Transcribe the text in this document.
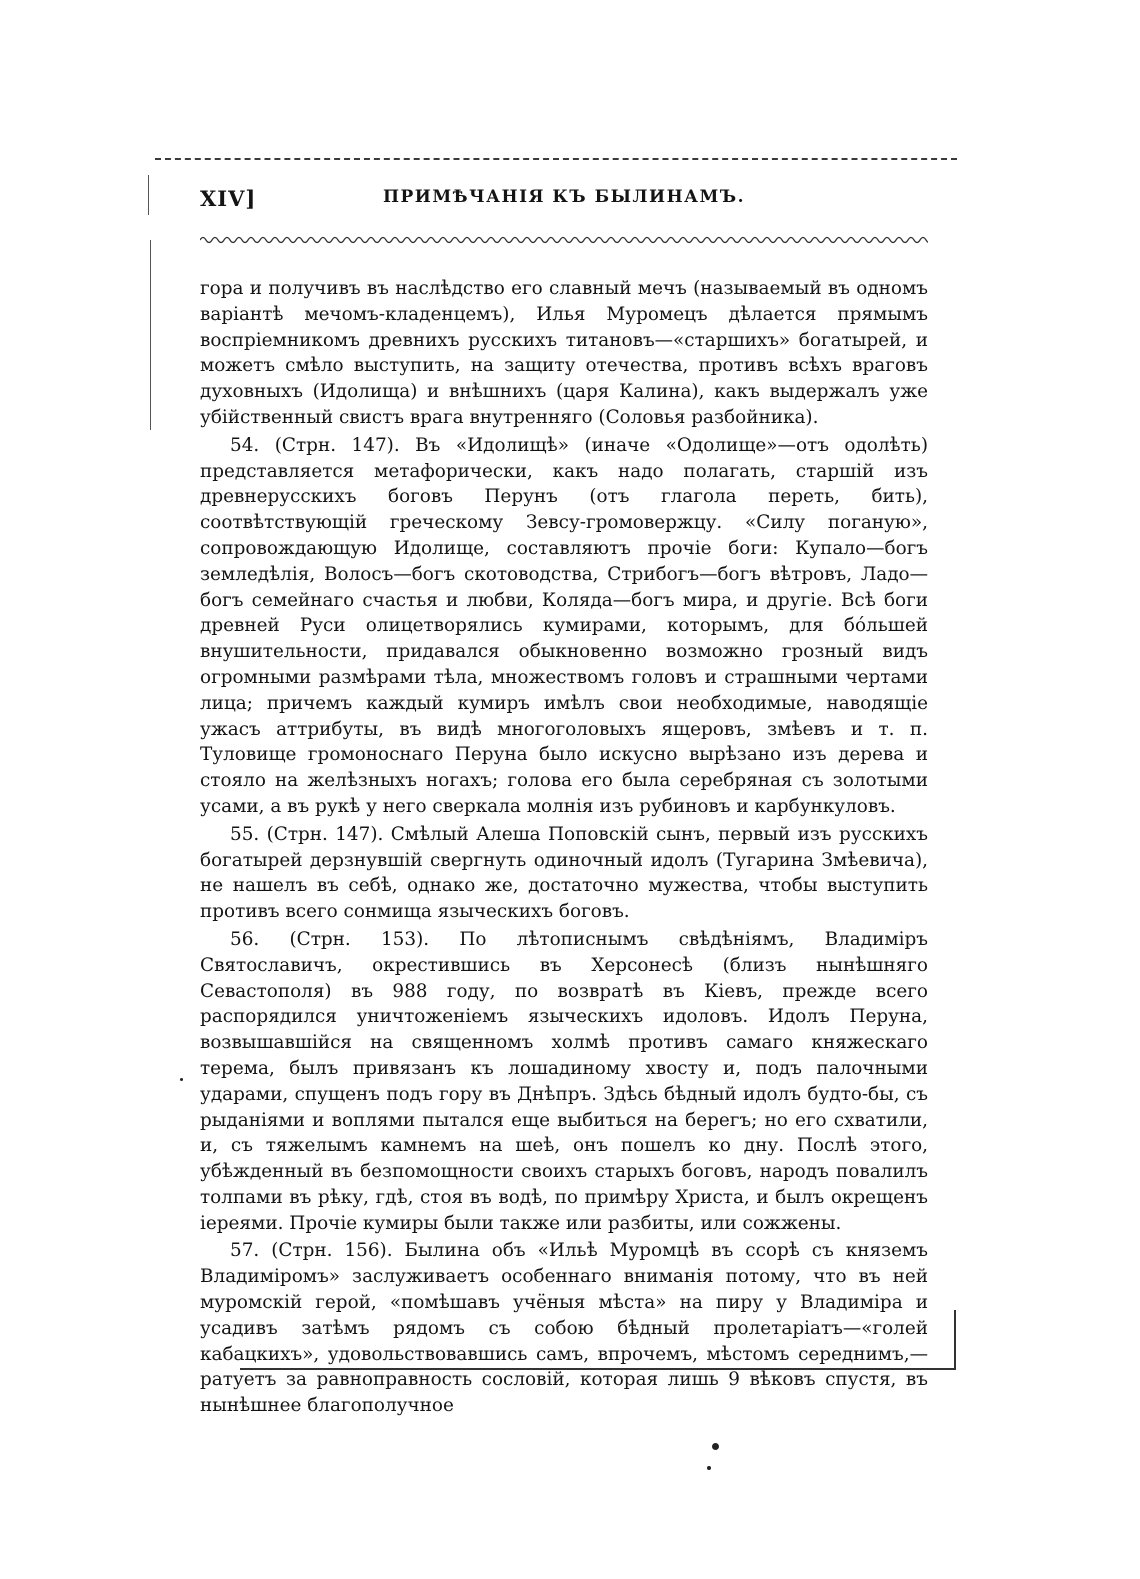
XIV]	ПРИМѢЧАНІЯ КЪ БЫЛИНАМЪ.

гора и получивъ въ наслѣдство его славный мечъ (называемый въ одномъ варіантѣ мечомъ-кладенцемъ), Илья Муромецъ дѣлается прямымъ воспріемникомъ древнихъ русскихъ титановъ—«старшихъ» богатырей, и можетъ смѣло выступить, на защиту отечества, противъ всѣхъ враговъ духовныхъ (Идолища) и внѣшнихъ (царя Калина), какъ выдержалъ уже убійственный свистъ врага внутренняго (Соловья разбойника).

54. (Стрн. 147). Въ «Идолищѣ» (иначе «Одолище»—отъ одолѣть) представляется метафорически, какъ надо полагать, старшій изъ древнерусскихъ боговъ Перунъ (отъ глагола переть, бить), соотвѣтствующій греческому Зевсу-громовержцу. «Силу поганую», сопровождающую Идолище, составляютъ прочіе боги: Купало—богъ земледѣлія, Волосъ—богъ скотоводства, Стрибогъ—богъ вѣтровъ, Ладо—богъ семейнаго счастья и любви, Коляда—богъ мира, и другіе. Всѣ боги древней Руси олицетворялись кумирами, которымъ, для бóльшей внушительности, придавался обыкновенно возможно грозный видъ огромными размѣрами тѣла, множествомъ головъ и страшными чертами лица; причемъ каждый кумиръ имѣлъ свои необходимые, наводящіе ужасъ аттрибуты, въ видѣ многоголовыхъ ящеровъ, змѣевъ и т. п. Туловище громоноснаго Перуна было искусно вырѣзано изъ дерева и стояло на желѣзныхъ ногахъ; голова его была серебряная съ золотыми усами, а въ рукѣ у него сверкала молнія изъ рубиновъ и карбункуловъ.

55. (Стрн. 147). Смѣлый Алеша Поповскій сынъ, первый изъ русскихъ богатырей дерзнувшій свергнуть одиночный идолъ (Тугарина Змѣевича), не нашелъ въ себѣ, однако же, достаточно мужества, чтобы выступить противъ всего сонмища языческихъ боговъ.

56. (Стрн. 153). По лѣтописнымъ свѣдѣніямъ, Владиміръ Святославичъ, окрестившись въ Херсонесѣ (близъ нынѣшняго Севастополя) въ 988 году, по возвратѣ въ Кіевъ, прежде всего распорядился уничтоженіемъ языческихъ идоловъ. Идолъ Перуна, возвышавшійся на священномъ холмѣ противъ самаго княжескаго терема, былъ привязанъ къ лошадиному хвосту и, подъ палочными ударами, спущенъ подъ гору въ Днѣпръ. Здѣсь бѣдный идолъ будто-бы, съ рыданіями и воплями пытался еще выбиться на берегъ; но его схватили, и, съ тяжелымъ камнемъ на шеѣ, онъ пошелъ ко дну. Послѣ этого, убѣжденный въ безпомощности своихъ старыхъ боговъ, народъ повалилъ толпами въ рѣку, гдѣ, стоя въ водѣ, по примѣру Христа, и былъ окрещенъ іереями. Прочіе кумиры были также или разбиты, или сожжены.

57. (Стрн. 156). Былина объ «Ильѣ Муромцѣ въ ссорѣ съ княземъ Владиміромъ» заслуживаетъ особеннаго вниманія потому, что въ ней муромскій герой, «помѣшавъ учёныя мѣста» на пиру у Владиміра и усадивъ затѣмъ рядомъ съ собою бѣдный пролетаріатъ—«голей кабацкихъ», удовольствовавшись самъ, впрочемъ, мѣстомъ середнимъ,—ратуетъ за равноправность сословій, которая лишь 9 вѣковъ спустя, въ нынѣшнее благополучное
